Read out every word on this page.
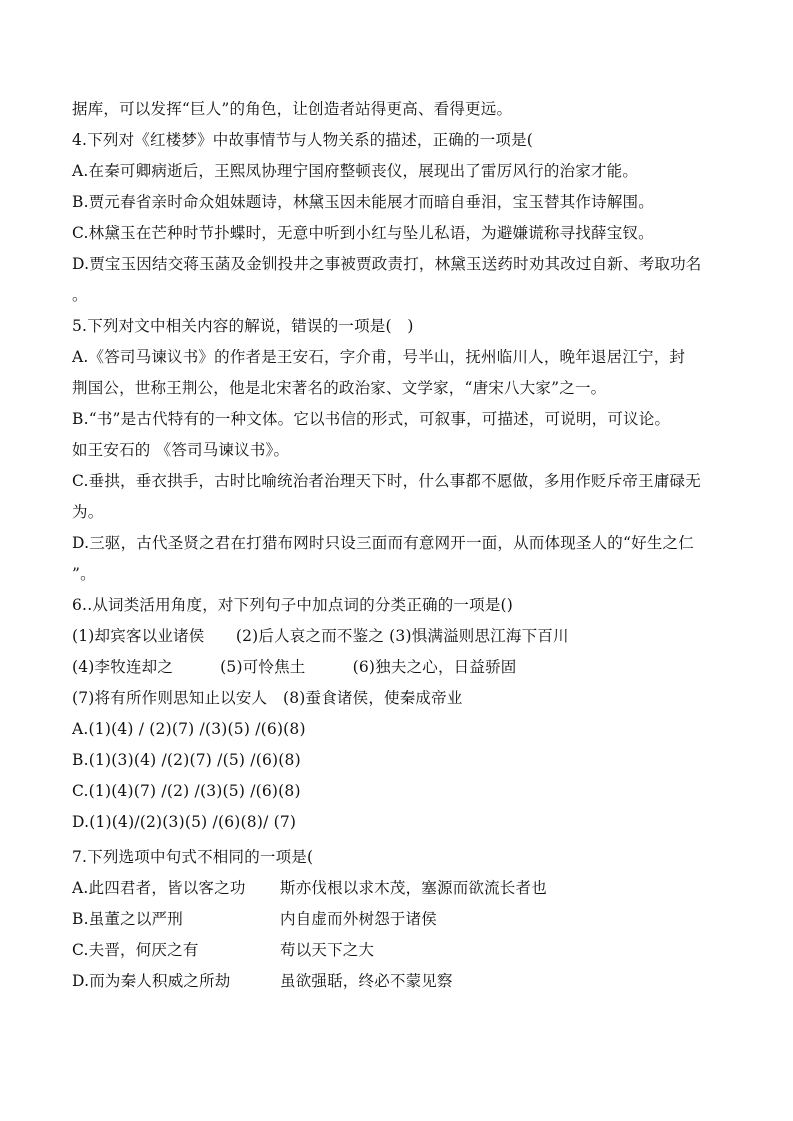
据库，可以发挥“巨人”的角色，让创造者站得更高、看得更远。
4.下列对《红楼梦》中故事情节与人物关系的描述，正确的一项是(
A.在秦可卿病逝后，王熙凤协理宁国府整顿丧仪，展现出了雷厉风行的治家才能。
B.贾元春省亲时命众姐妹题诗，林黛玉因未能展才而暗自垂泪，宝玉替其作诗解围。
C.林黛玉在芒种时节扑蝶时，无意中听到小红与坠儿私语，为避嫌谎称寻找薛宝钗。
D.贾宝玉因结交蒋玉菡及金钏投井之事被贾政责打，林黛玉送药时劝其改过自新、考取功名
。
5.下列对文中相关内容的解说，错误的一项是(　)
A.《答司马谏议书》的作者是王安石，字介甫，号半山，抚州临川人，晚年退居江宁，封
荆国公，世称王荆公，他是北宋著名的政治家、文学家，“唐宋八大家”之一。
B.“书”是古代特有的一种文体。它以书信的形式，可叙事，可描述，可说明，可议论。
如王安石的 《答司马谏议书》。
C.垂拱，垂衣拱手，古时比喻统治者治理天下时，什么事都不愿做，多用作贬斥帝王庸碌无
为。
D.三驱，古代圣贤之君在打猎布网时只设三面而有意网开一面，从而体现圣人的“好生之仁
”。
6..从词类活用角度，对下列句子中加点词的分类正确的一项是()
(1)却宾客以业诸侯　　(2)后人哀之而不鉴之 (3)惧满溢则思江海下百川
(4)李牧连却之　　　(5)可怜焦土　　　(6)独夫之心，日益骄固
(7)将有所作则思知止以安人　(8)蚕食诸侯，使秦成帝业
A.(1)(4) / (2)(7) /(3)(5) /(6)(8)
B.(1)(3)(4) /(2)(7) /(5) /(6)(8)
C.(1)(4)(7) /(2) /(3)(5) /(6)(8)
D.(1)(4)/(2)(3)(5) /(6)(8)/ (7)
7.下列选项中句式不相同的一项是(
A.此四君者，皆以客之功	斯亦伐根以求木茂，塞源而欲流长者也
B.虽董之以严刑	内自虚而外树怨于诸侯
C.夫晋，何厌之有	苟以天下之大
D.而为秦人积威之所劫	虽欲强聒，终必不蒙见察
